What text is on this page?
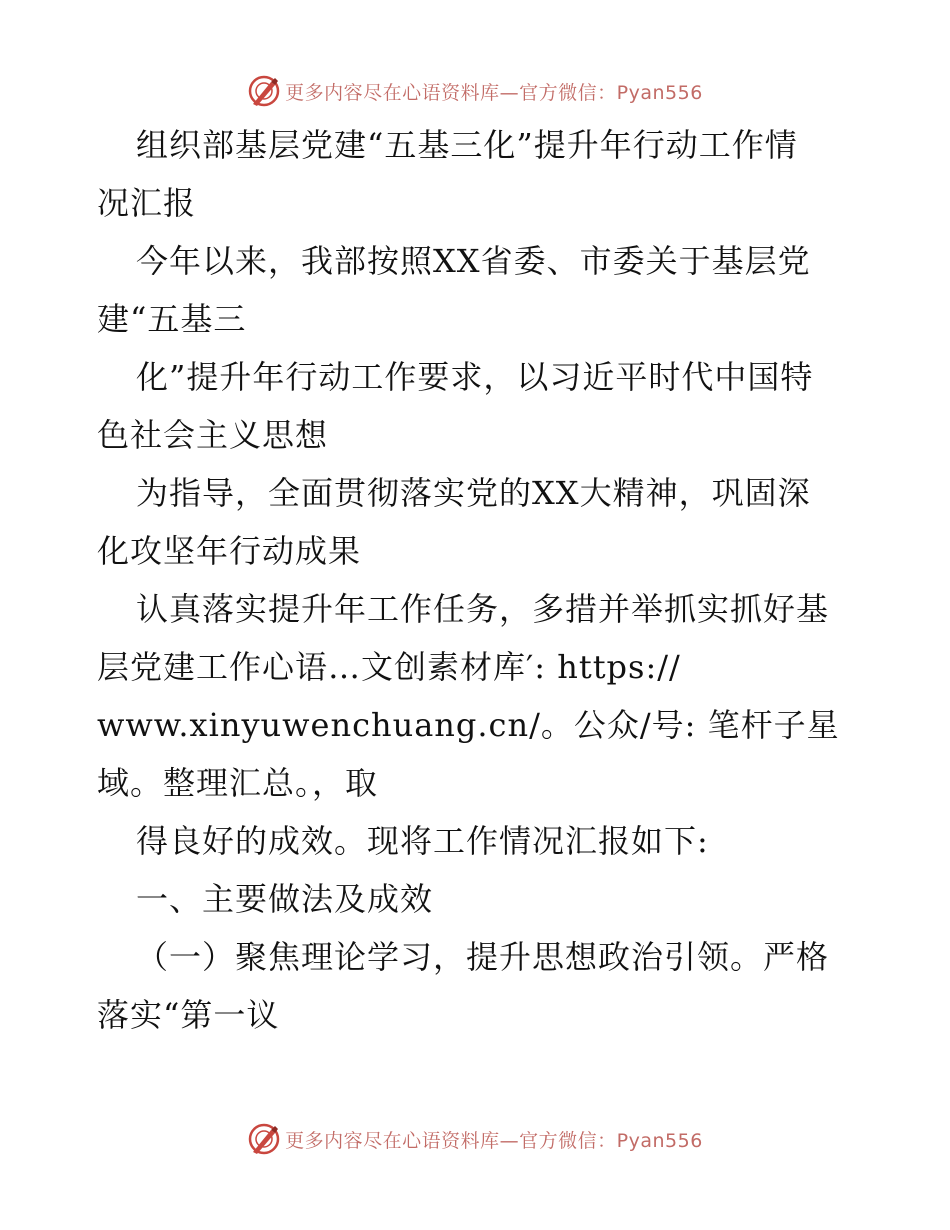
更多内容尽在心语资料库—官方微信：Pyan556
组织部基层党建“五基三化”提升年行动工作情
况汇报
今年以来，我部按照XX省委、市委关于基层党
建“五基三
化”提升年行动工作要求，以习近平时代中国特
色社会主义思想
为指导，全面贯彻落实党的XX大精神，巩固深
化攻坚年行动成果
认真落实提升年工作任务，多措并举抓实抓好基
层党建工作心语…文创素材库′: https://
www.xinyuwenchuang.cn/。公众/号: 笔杆子星
域。整理汇总。，取
得良好的成效。现将工作情况汇报如下:
一、主要做法及成效
（一）聚焦理论学习，提升思想政治引领。严格
落实“第一议
更多内容尽在心语资料库—官方微信：Pyan556
